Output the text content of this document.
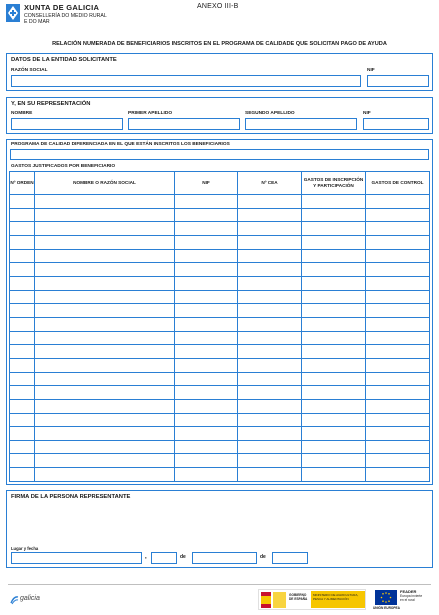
XUNTA DE GALICIA
CONSELLERÍA DO MEDIO RURAL
E DO MAR
ANEXO III-B
RELACIÓN NUMERADA DE BENEFICIARIOS INSCRITOS EN EL PROGRAMA DE CALIDADE QUE SOLICITAN PAGO DE AYUDA
DATOS DE LA ENTIDAD SOLICITANTE
RAZÓN SOCIAL	NIF
Y, EN SU REPRESENTACIÓN
NOMBRE	PRIMER APELLIDO	SEGUNDO APELLIDO	NIF
PROGRAMA DE CALIDAD DIFERENCIADA EN EL QUE ESTÁN INSCRITOS LOS BENEFICIARIOS
GASTOS JUSTIFICADOS POR BENEFICIARIO
Nº ORDEN	NOMBRE O RAZÓN SOCIAL	NIF	Nº CEA	GASTOS DE INSCRIPCIÓN Y PARTICIPACIÓN	GASTOS DE CONTROL

FIRMA DE LA PERSONA REPRESENTANTE
Lugar y fecha
,	de	de
galicia	GOBIERNO DE ESPAÑA
MINISTERIO DE AGRICULTURA, PESCA Y ALIMENTACIÓN
FEADER
Europa invierte
en el rural
UNIÓN EUROPEA
